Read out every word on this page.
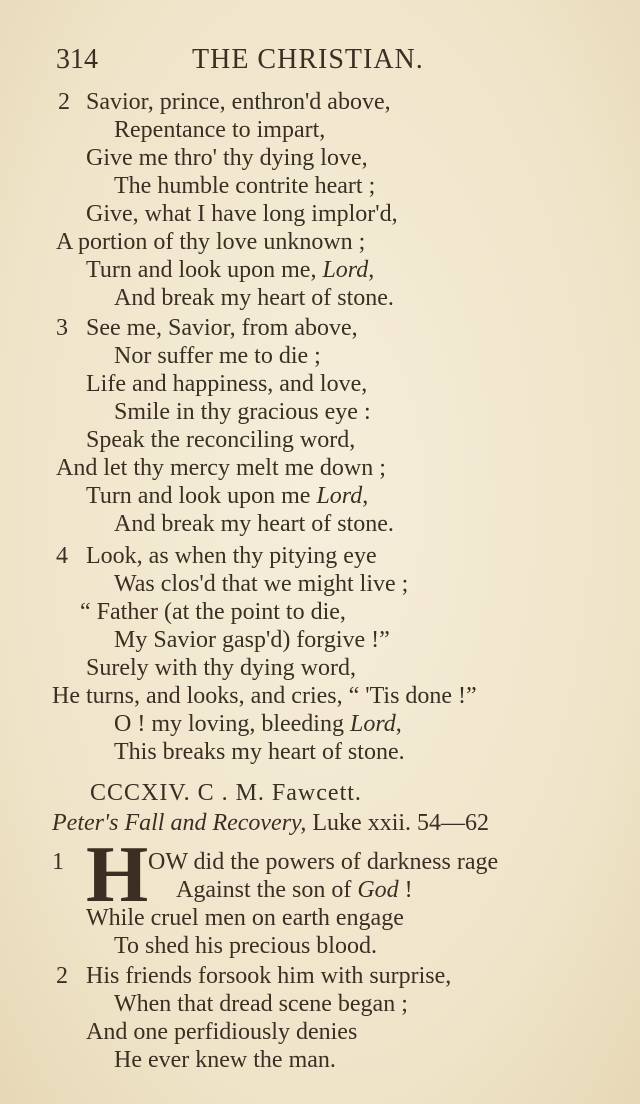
314	THE CHRISTIAN.
2 Savior, prince, enthron'd above,
Repentance to impart,
Give me thro' thy dying love,
The humble contrite heart ;
Give, what I have long implor'd,
A portion of thy love unknown ;
Turn and look upon me, Lord,
And break my heart of stone.
3 See me, Savior, from above,
Nor suffer me to die ;
Life and happiness, and love,
Smile in thy gracious eye :
Speak the reconciling word,
And let thy mercy melt me down ;
Turn and look upon me Lord,
And break my heart of stone.
4 Look, as when thy pitying eye
Was clos'd that we might live ;
“ Father (at the point to die,
My Savior gasp'd) forgive !”
Surely with thy dying word,
He turns, and looks, and cries, “ 'Tis done !”
O ! my loving, bleeding Lord,
This breaks my heart of stone.
CCCXIV. C . M. Fawcett.
Peter's Fall and Recovery, Luke xxii. 54—62
1 H OW did the powers of darkness rage
Against the son of God !
While cruel men on earth engage
To shed his precious blood.
2 His friends forsook him with surprise,
When that dread scene began ;
And one perfidiously denies
He ever knew the man.
